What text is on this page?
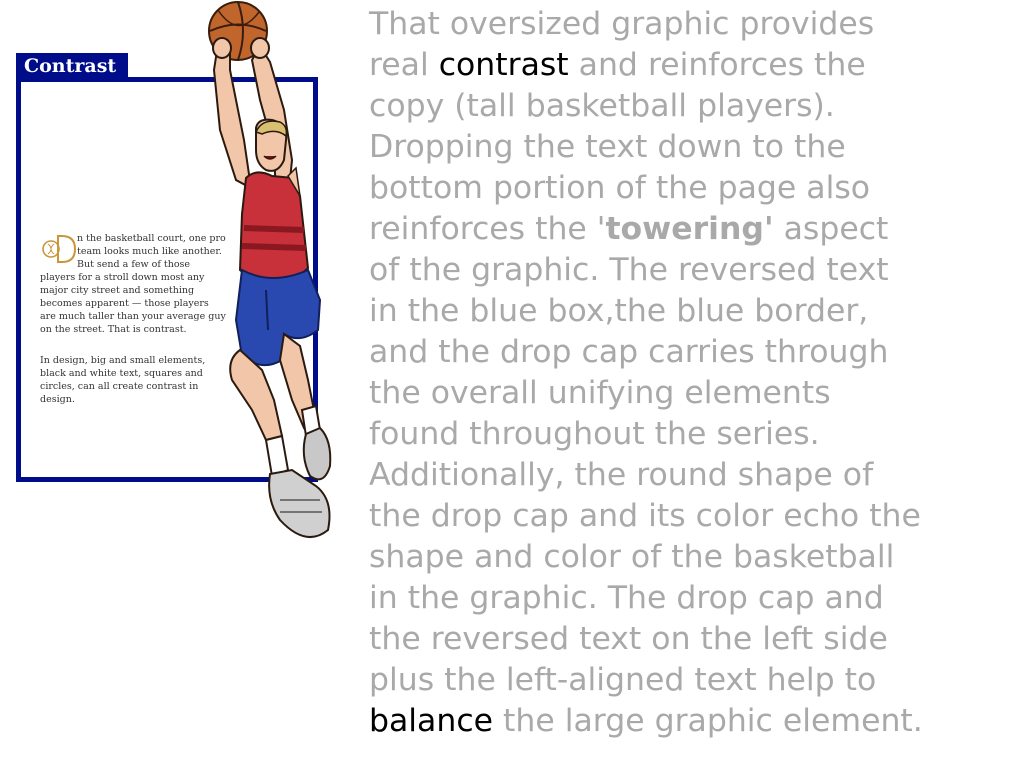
Contrast

n the basketball court, one pro team looks much like another. But send a few of those players for a stroll down most any major city street and something becomes apparent — those players are much taller than your average guy on the street. That is contrast.

In design, big and small elements, black and white text, squares and circles, can all create contrast in design.

That oversized graphic provides
real contrast and reinforces the
copy (tall basketball players).
Dropping the text down to the
bottom portion of the page also
reinforces the 'towering' aspect
of the graphic. The reversed text
in the blue box,the blue border,
and the drop cap carries through
the overall unifying elements
found throughout the series.
Additionally, the round shape of
the drop cap and its color echo the
shape and color of the basketball
in the graphic. The drop cap and
the reversed text on the left side
plus the left-aligned text help to
balance the large graphic element.
